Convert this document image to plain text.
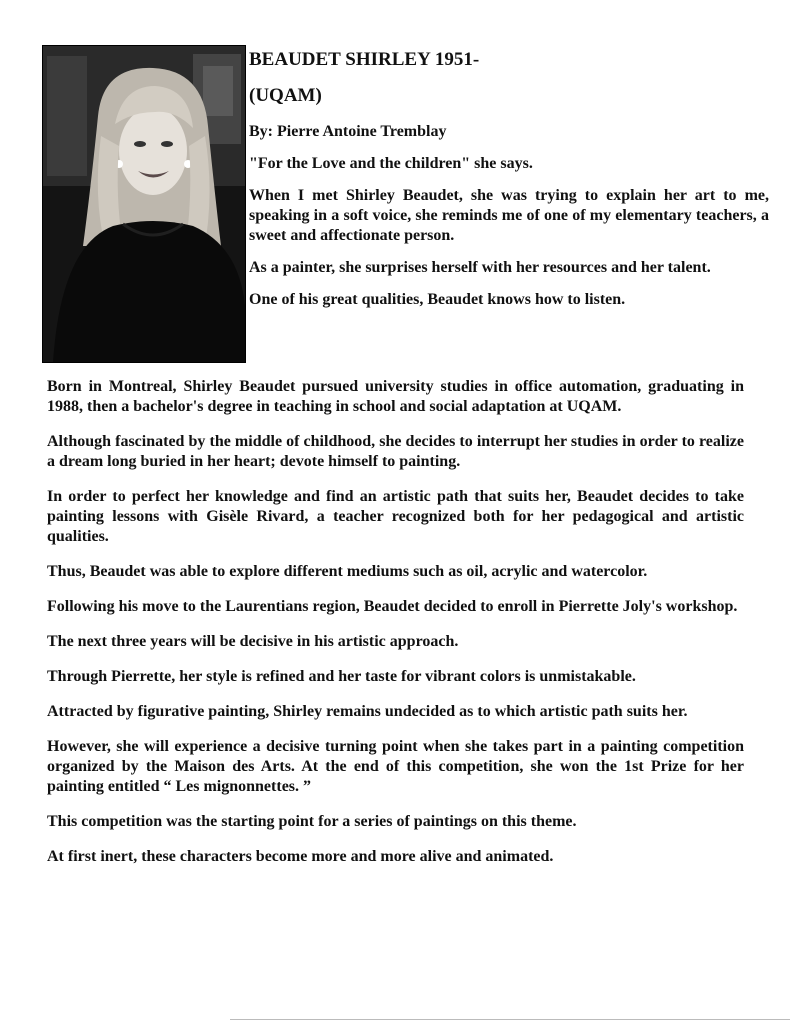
BEAUDET SHIRLEY 1951-
(UQAM)
By: Pierre Antoine Tremblay
"For the Love and the children" she says.
When I met Shirley Beaudet, she was trying to explain her art to me, speaking in a soft voice, she reminds me of one of my elementary teachers, a sweet and affectionate person.
As a painter, she surprises herself with her resources and her talent.
One of his great qualities, Beaudet knows how to listen.

Born in Montreal, Shirley Beaudet pursued university studies in office automation, graduating in 1988, then a bachelor's degree in teaching in school and social adaptation at UQAM.

Although fascinated by the middle of childhood, she decides to interrupt her studies in order to realize a dream long buried in her heart; devote himself to painting.

In order to perfect her knowledge and find an artistic path that suits her, Beaudet decides to take painting lessons with Gisèle Rivard, a teacher recognized both for her pedagogical and artistic qualities.

Thus, Beaudet was able to explore different mediums such as oil, acrylic and watercolor.

Following his move to the Laurentians region, Beaudet decided to enroll in Pierrette Joly's workshop.

The next three years will be decisive in his artistic approach.

Through Pierrette, her style is refined and her taste for vibrant colors is unmistakable.

Attracted by figurative painting, Shirley remains undecided as to which artistic path suits her.

However, she will experience a decisive turning point when she takes part in a painting competition organized by the Maison des Arts. At the end of this competition, she won the 1st Prize for her painting entitled “ Les mignonnettes. ”

This competition was the starting point for a series of paintings on this theme.

At first inert, these characters become more and more alive and animated.
